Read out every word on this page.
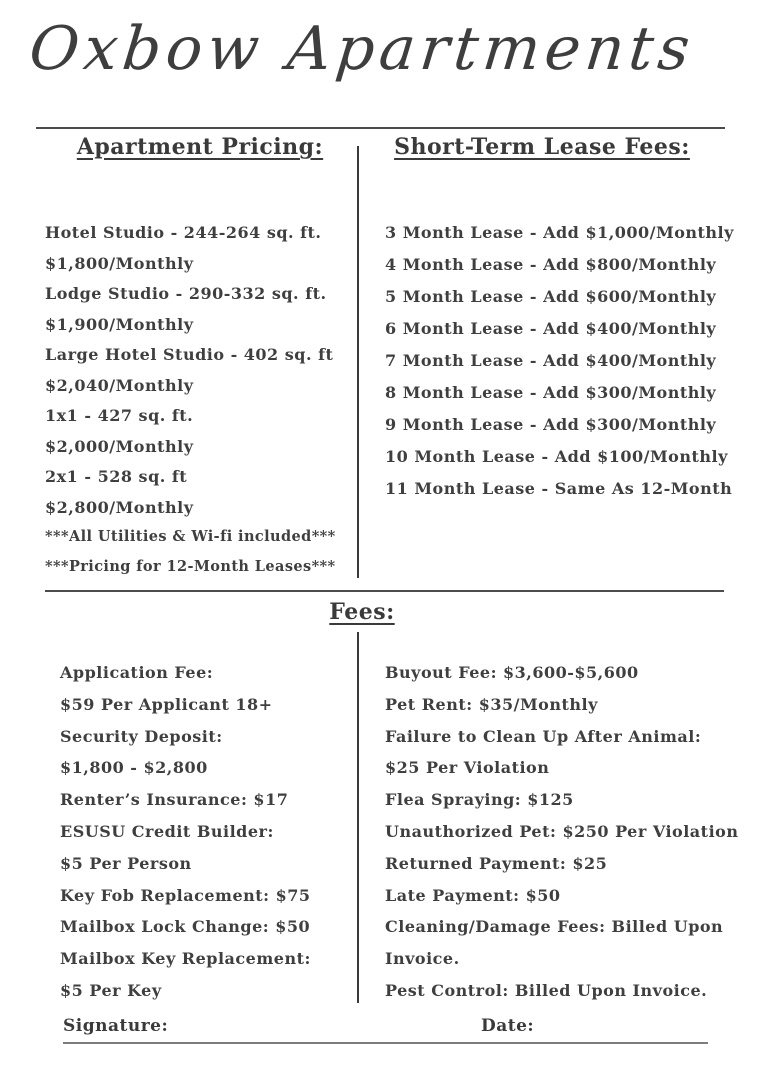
Oxbow Apartments
Apartment Pricing:	Short-Term Lease Fees:
Hotel Studio - 244-264 sq. ft.
$1,800/Monthly
Lodge Studio - 290-332 sq. ft.
$1,900/Monthly
Large Hotel Studio - 402 sq. ft
$2,040/Monthly
1x1 - 427 sq. ft.
$2,000/Monthly
2x1 - 528 sq. ft
$2,800/Monthly
***All Utilities & Wi-fi included***
***Pricing for 12-Month Leases***
3 Month Lease - Add $1,000/Monthly
4 Month Lease - Add $800/Monthly
5 Month Lease - Add $600/Monthly
6 Month Lease - Add $400/Monthly
7 Month Lease - Add $400/Monthly
8 Month Lease - Add $300/Monthly
9 Month Lease - Add $300/Monthly
10 Month Lease - Add $100/Monthly
11 Month Lease - Same As 12-Month
Fees:
Application Fee:
$59 Per Applicant 18+
Security Deposit:
$1,800 - $2,800
Renter’s Insurance: $17
ESUSU Credit Builder:
$5 Per Person
Key Fob Replacement: $75
Mailbox Lock Change: $50
Mailbox Key Replacement:
$5 Per Key
Buyout Fee: $3,600-$5,600
Pet Rent: $35/Monthly
Failure to Clean Up After Animal:
$25 Per Violation
Flea Spraying: $125
Unauthorized Pet: $250 Per Violation
Returned Payment: $25
Late Payment: $50
Cleaning/Damage Fees: Billed Upon
Invoice.
Pest Control: Billed Upon Invoice.
Signature:	Date:
